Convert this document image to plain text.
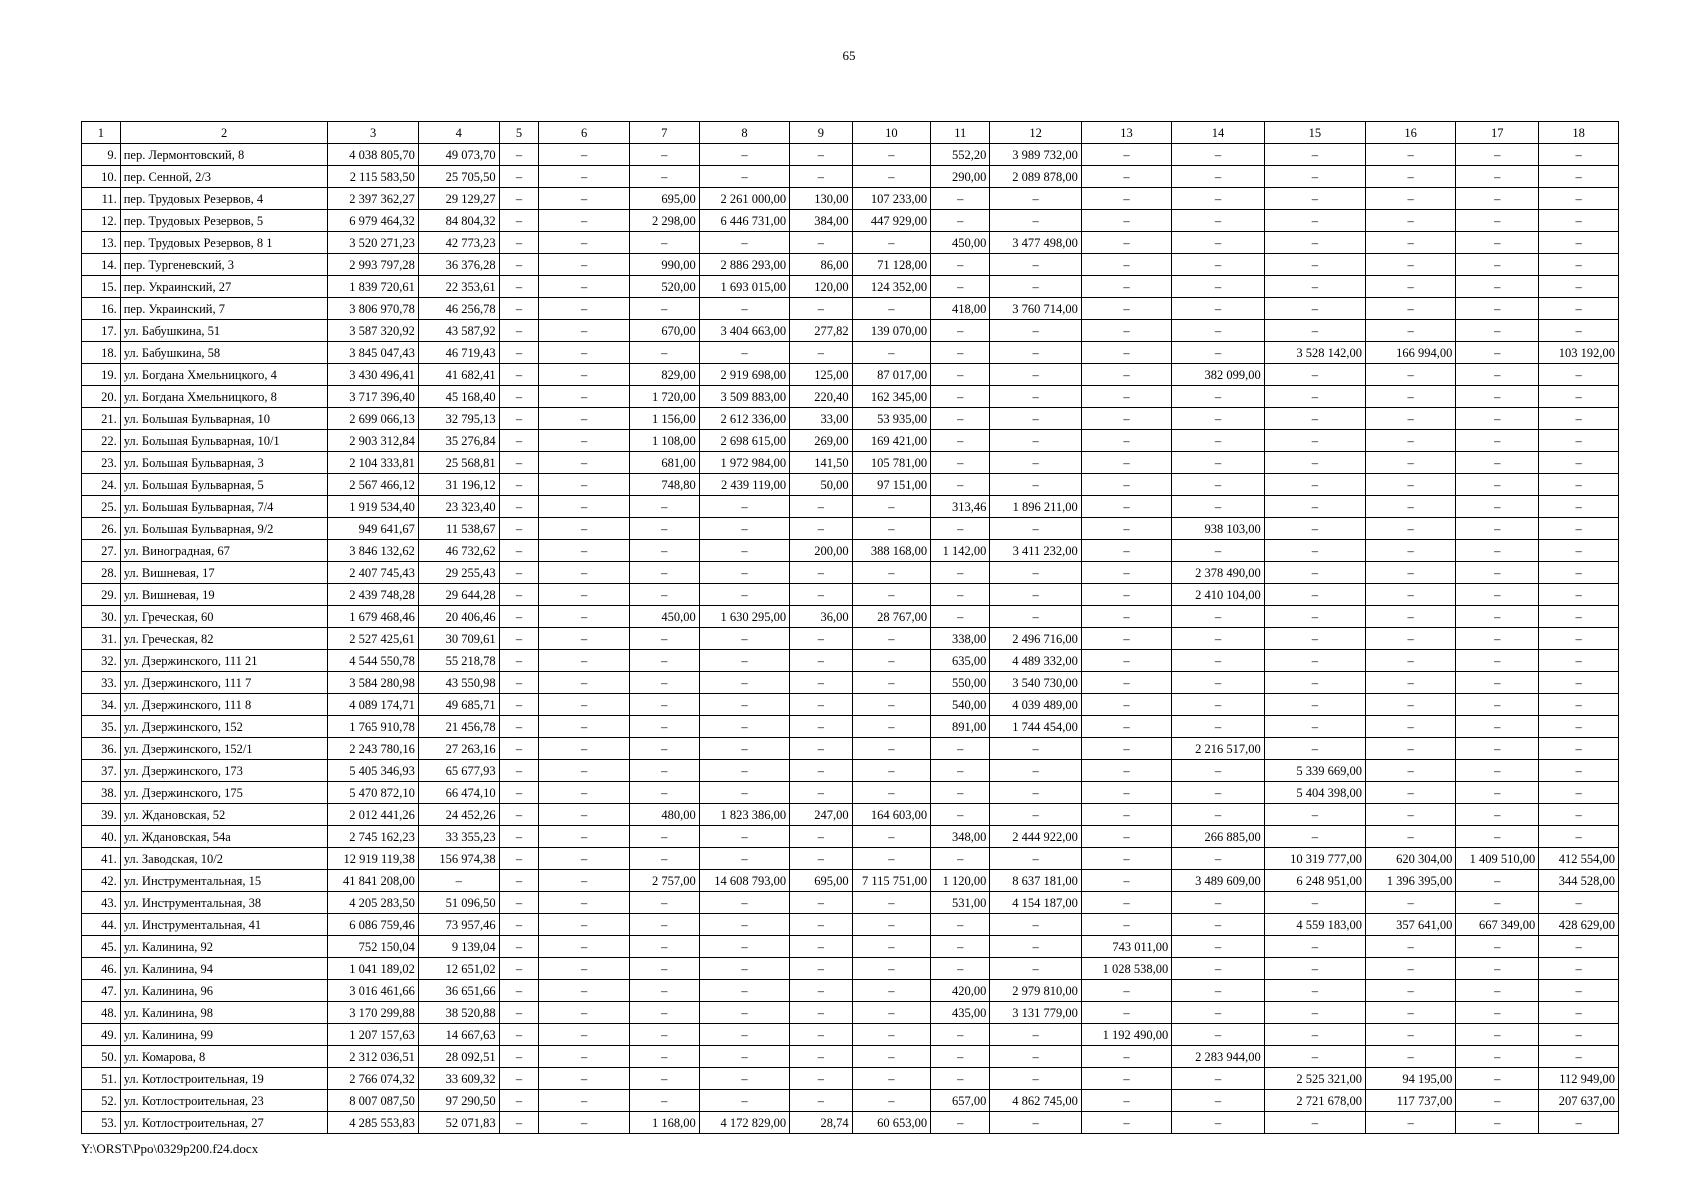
65
1	2	3	4	5	6	7	8	9	10	11	12	13	14	15	16	17	18
9.	пер. Лермонтовский, 8	4 038 805,70	49 073,70	–	–	–	–	–	–	552,20	3 989 732,00	–	–	–	–	–	–
10.	пер. Сенной, 2/3	2 115 583,50	25 705,50	–	–	–	–	–	–	290,00	2 089 878,00	–	–	–	–	–	–
11.	пер. Трудовых Резервов, 4	2 397 362,27	29 129,27	–	–	695,00	2 261 000,00	130,00	107 233,00	–	–	–	–	–	–	–	–
12.	пер. Трудовых Резервов, 5	6 979 464,32	84 804,32	–	–	2 298,00	6 446 731,00	384,00	447 929,00	–	–	–	–	–	–	–	–
13.	пер. Трудовых Резервов, 8 1	3 520 271,23	42 773,23	–	–	–	–	–	–	450,00	3 477 498,00	–	–	–	–	–	–
14.	пер. Тургеневский, 3	2 993 797,28	36 376,28	–	–	990,00	2 886 293,00	86,00	71 128,00	–	–	–	–	–	–	–	–
15.	пер. Украинский, 27	1 839 720,61	22 353,61	–	–	520,00	1 693 015,00	120,00	124 352,00	–	–	–	–	–	–	–	–
16.	пер. Украинский, 7	3 806 970,78	46 256,78	–	–	–	–	–	–	418,00	3 760 714,00	–	–	–	–	–	–
17.	ул. Бабушкина, 51	3 587 320,92	43 587,92	–	–	670,00	3 404 663,00	277,82	139 070,00	–	–	–	–	–	–	–	–
18.	ул. Бабушкина, 58	3 845 047,43	46 719,43	–	–	–	–	–	–	–	–	–	–	3 528 142,00	166 994,00	–	103 192,00
19.	ул. Богдана Хмельницкого, 4	3 430 496,41	41 682,41	–	–	829,00	2 919 698,00	125,00	87 017,00	–	–	–	382 099,00	–	–	–	–
20.	ул. Богдана Хмельницкого, 8	3 717 396,40	45 168,40	–	–	1 720,00	3 509 883,00	220,40	162 345,00	–	–	–	–	–	–	–	–
21.	ул. Большая Бульварная, 10	2 699 066,13	32 795,13	–	–	1 156,00	2 612 336,00	33,00	53 935,00	–	–	–	–	–	–	–	–
22.	ул. Большая Бульварная, 10/1	2 903 312,84	35 276,84	–	–	1 108,00	2 698 615,00	269,00	169 421,00	–	–	–	–	–	–	–	–
23.	ул. Большая Бульварная, 3	2 104 333,81	25 568,81	–	–	681,00	1 972 984,00	141,50	105 781,00	–	–	–	–	–	–	–	–
24.	ул. Большая Бульварная, 5	2 567 466,12	31 196,12	–	–	748,80	2 439 119,00	50,00	97 151,00	–	–	–	–	–	–	–	–
25.	ул. Большая Бульварная, 7/4	1 919 534,40	23 323,40	–	–	–	–	–	–	313,46	1 896 211,00	–	–	–	–	–	–
26.	ул. Большая Бульварная, 9/2	949 641,67	11 538,67	–	–	–	–	–	–	–	–	–	938 103,00	–	–	–	–
27.	ул. Виноградная, 67	3 846 132,62	46 732,62	–	–	–	–	200,00	388 168,00	1 142,00	3 411 232,00	–	–	–	–	–	–
28.	ул. Вишневая, 17	2 407 745,43	29 255,43	–	–	–	–	–	–	–	–	–	2 378 490,00	–	–	–	–
29.	ул. Вишневая, 19	2 439 748,28	29 644,28	–	–	–	–	–	–	–	–	–	2 410 104,00	–	–	–	–
30.	ул. Греческая, 60	1 679 468,46	20 406,46	–	–	450,00	1 630 295,00	36,00	28 767,00	–	–	–	–	–	–	–	–
31.	ул. Греческая, 82	2 527 425,61	30 709,61	–	–	–	–	–	–	338,00	2 496 716,00	–	–	–	–	–	–
32.	ул. Дзержинского, 111 21	4 544 550,78	55 218,78	–	–	–	–	–	–	635,00	4 489 332,00	–	–	–	–	–	–
33.	ул. Дзержинского, 111 7	3 584 280,98	43 550,98	–	–	–	–	–	–	550,00	3 540 730,00	–	–	–	–	–	–
34.	ул. Дзержинского, 111 8	4 089 174,71	49 685,71	–	–	–	–	–	–	540,00	4 039 489,00	–	–	–	–	–	–
35.	ул. Дзержинского, 152	1 765 910,78	21 456,78	–	–	–	–	–	–	891,00	1 744 454,00	–	–	–	–	–	–
36.	ул. Дзержинского, 152/1	2 243 780,16	27 263,16	–	–	–	–	–	–	–	–	–	2 216 517,00	–	–	–	–
37.	ул. Дзержинского, 173	5 405 346,93	65 677,93	–	–	–	–	–	–	–	–	–	–	5 339 669,00	–	–	–
38.	ул. Дзержинского, 175	5 470 872,10	66 474,10	–	–	–	–	–	–	–	–	–	–	5 404 398,00	–	–	–
39.	ул. Ждановская, 52	2 012 441,26	24 452,26	–	–	480,00	1 823 386,00	247,00	164 603,00	–	–	–	–	–	–	–	–
40.	ул. Ждановская, 54а	2 745 162,23	33 355,23	–	–	–	–	–	–	348,00	2 444 922,00	–	266 885,00	–	–	–	–
41.	ул. Заводская, 10/2	12 919 119,38	156 974,38	–	–	–	–	–	–	–	–	–	–	10 319 777,00	620 304,00	1 409 510,00	412 554,00
42.	ул. Инструментальная, 15	41 841 208,00	–	–	–	2 757,00	14 608 793,00	695,00	7 115 751,00	1 120,00	8 637 181,00	–	3 489 609,00	6 248 951,00	1 396 395,00	–	344 528,00
43.	ул. Инструментальная, 38	4 205 283,50	51 096,50	–	–	–	–	–	–	531,00	4 154 187,00	–	–	–	–	–	–
44.	ул. Инструментальная, 41	6 086 759,46	73 957,46	–	–	–	–	–	–	–	–	–	–	4 559 183,00	357 641,00	667 349,00	428 629,00
45.	ул. Калинина, 92	752 150,04	9 139,04	–	–	–	–	–	–	–	–	743 011,00	–	–	–	–	–
46.	ул. Калинина, 94	1 041 189,02	12 651,02	–	–	–	–	–	–	–	–	1 028 538,00	–	–	–	–	–
47.	ул. Калинина, 96	3 016 461,66	36 651,66	–	–	–	–	–	–	420,00	2 979 810,00	–	–	–	–	–	–
48.	ул. Калинина, 98	3 170 299,88	38 520,88	–	–	–	–	–	–	435,00	3 131 779,00	–	–	–	–	–	–
49.	ул. Калинина, 99	1 207 157,63	14 667,63	–	–	–	–	–	–	–	–	1 192 490,00	–	–	–	–	–
50.	ул. Комарова, 8	2 312 036,51	28 092,51	–	–	–	–	–	–	–	–	–	2 283 944,00	–	–	–	–
51.	ул. Котлостроительная, 19	2 766 074,32	33 609,32	–	–	–	–	–	–	–	–	–	–	2 525 321,00	94 195,00	–	112 949,00
52.	ул. Котлостроительная, 23	8 007 087,50	97 290,50	–	–	–	–	–	–	657,00	4 862 745,00	–	–	2 721 678,00	117 737,00	–	207 637,00
53.	ул. Котлостроительная, 27	4 285 553,83	52 071,83	–	–	1 168,00	4 172 829,00	28,74	60 653,00	–	–	–	–	–	–	–	–
Y:\ORST\Ppo\0329p200.f24.docx
